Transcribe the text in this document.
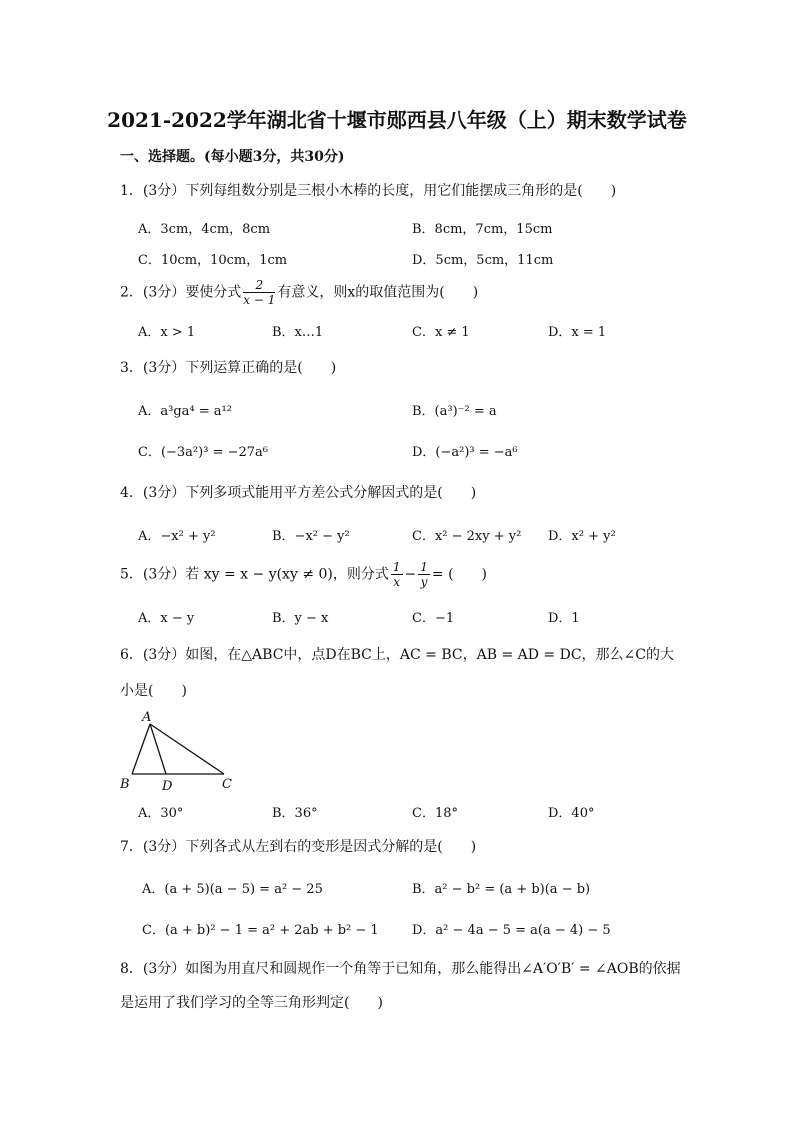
2021-2022学年湖北省十堰市郧西县八年级（上）期末数学试卷
一、选择题。(每小题3分，共30分)
1．(3分）下列每组数分别是三根小木棒的长度，用它们能摆成三角形的是(　　)
A．3cm，4cm，8cm	B．8cm，7cm，15cm
C．10cm，10cm，1cm	D．5cm，5cm，11cm
2．(3分）要使分式 $\frac{2}{x - 1}$ 有意义，则x的取值范围为(　　)
A．x > 1	B．x…1	C．x ≠ 1	D．x = 1
3．(3分）下列运算正确的是(　　)
A．a³ga⁴ = a¹²	B．(a³)⁻² = a
C．(−3a²)³ = −27a⁶	D．(−a²)³ = −a⁶
4．(3分）下列多项式能用平方差公式分解因式的是(　　)
A．−x² + y²	B．−x² − y²	C．x² − 2xy + y² D．x² + y²
5．(3分）若 xy = x − y(xy ≠ 0)，则分式 $\frac{1}{x} - \frac{1}{y}$ = (　　)
A．x − y	B．y − x	C．−1	D．1
6．(3分）如图，在△ABC中，点D在BC上，AC = BC，AB = AD = DC，那么∠C的大
小是(　　)
A
B D	C
A．30°	B．36°	C．18°	D．40°
7．(3分）下列各式从左到右的变形是因式分解的是(　　)
A．(a + 5)(a − 5) = a² − 25	B．a² − b² = (a + b)(a − b)
C．(a + b)² − 1 = a² + 2ab + b² − 1	D．a² − 4a − 5 = a(a − 4) − 5
8．(3分）如图为用直尺和圆规作一个角等于已知角，那么能得出∠A′O′B′ = ∠AOB的依据
是运用了我们学习的全等三角形判定(　　)
